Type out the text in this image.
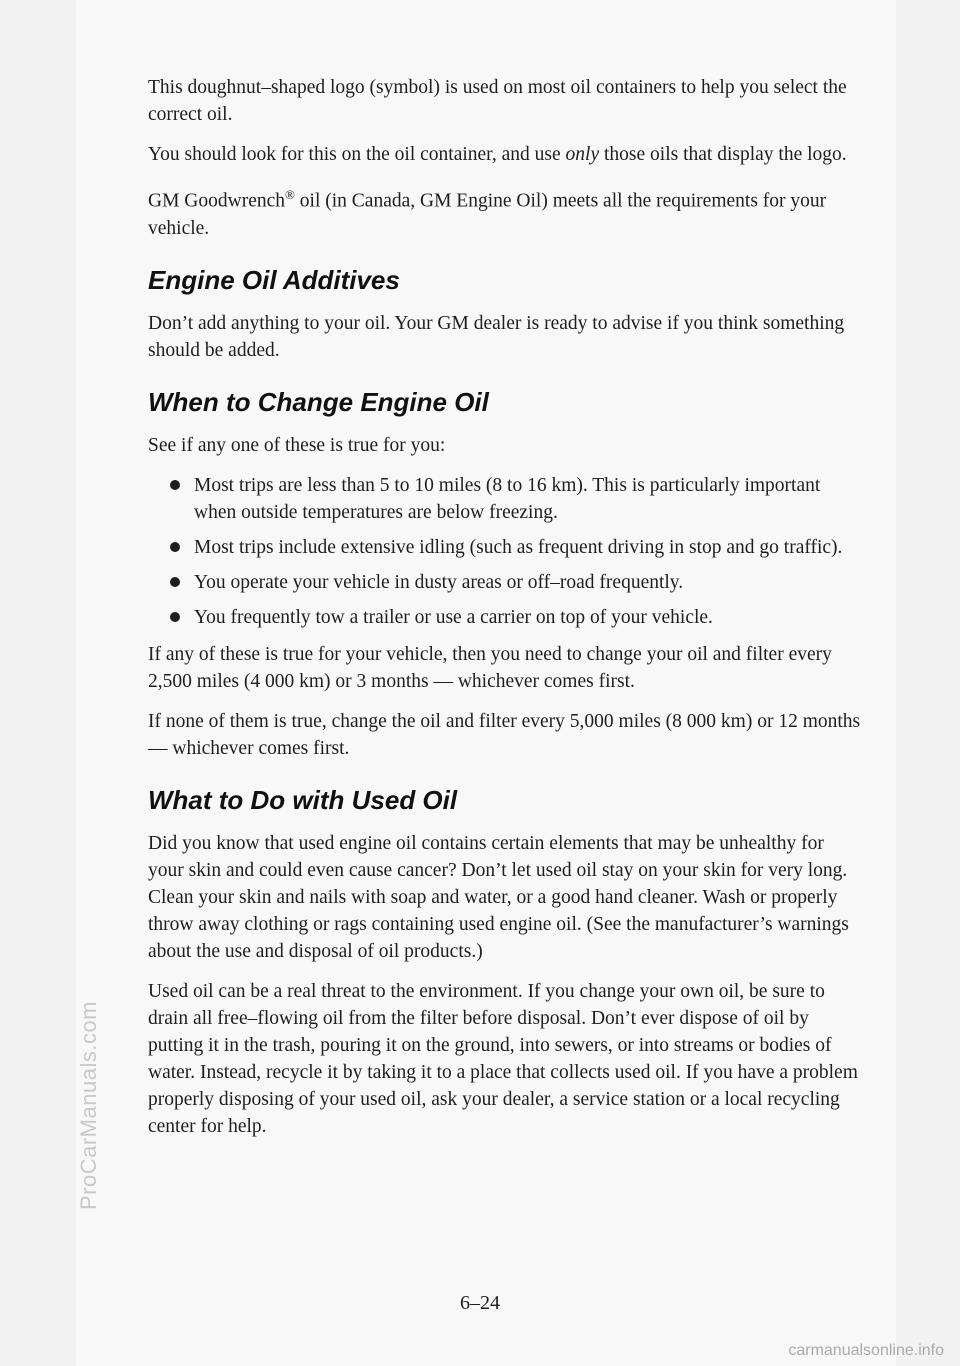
ProCarManuals.com

This doughnut–shaped logo (symbol) is used on most oil containers to help you select the correct oil.

You should look for this on the oil container, and use only those oils that display the logo.

GM Goodwrench® oil (in Canada, GM Engine Oil) meets all the requirements for your vehicle.

Engine Oil Additives

Don’t add anything to your oil. Your GM dealer is ready to advise if you think something should be added.

When to Change Engine Oil

See if any one of these is true for you:

Most trips are less than 5 to 10 miles (8 to 16 km). This is particularly important when outside temperatures are below freezing.
Most trips include extensive idling (such as frequent driving in stop and go traffic).
You operate your vehicle in dusty areas or off–road frequently.
You frequently tow a trailer or use a carrier on top of your vehicle.

If any of these is true for your vehicle, then you need to change your oil and filter every 2,500 miles (4 000 km) or 3 months — whichever comes first.

If none of them is true, change the oil and filter every 5,000 miles (8 000 km) or 12 months — whichever comes first.

What to Do with Used Oil

Did you know that used engine oil contains certain elements that may be unhealthy for your skin and could even cause cancer? Don’t let used oil stay on your skin for very long. Clean your skin and nails with soap and water, or a good hand cleaner. Wash or properly throw away clothing or rags containing used engine oil. (See the manufacturer’s warnings about the use and disposal of oil products.)

Used oil can be a real threat to the environment. If you change your own oil, be sure to drain all free–flowing oil from the filter before disposal. Don’t ever dispose of oil by putting it in the trash, pouring it on the ground, into sewers, or into streams or bodies of water. Instead, recycle it by taking it to a place that collects used oil. If you have a problem properly disposing of your used oil, ask your dealer, a service station or a local recycling center for help.

6–24
carmanualsonline.info
